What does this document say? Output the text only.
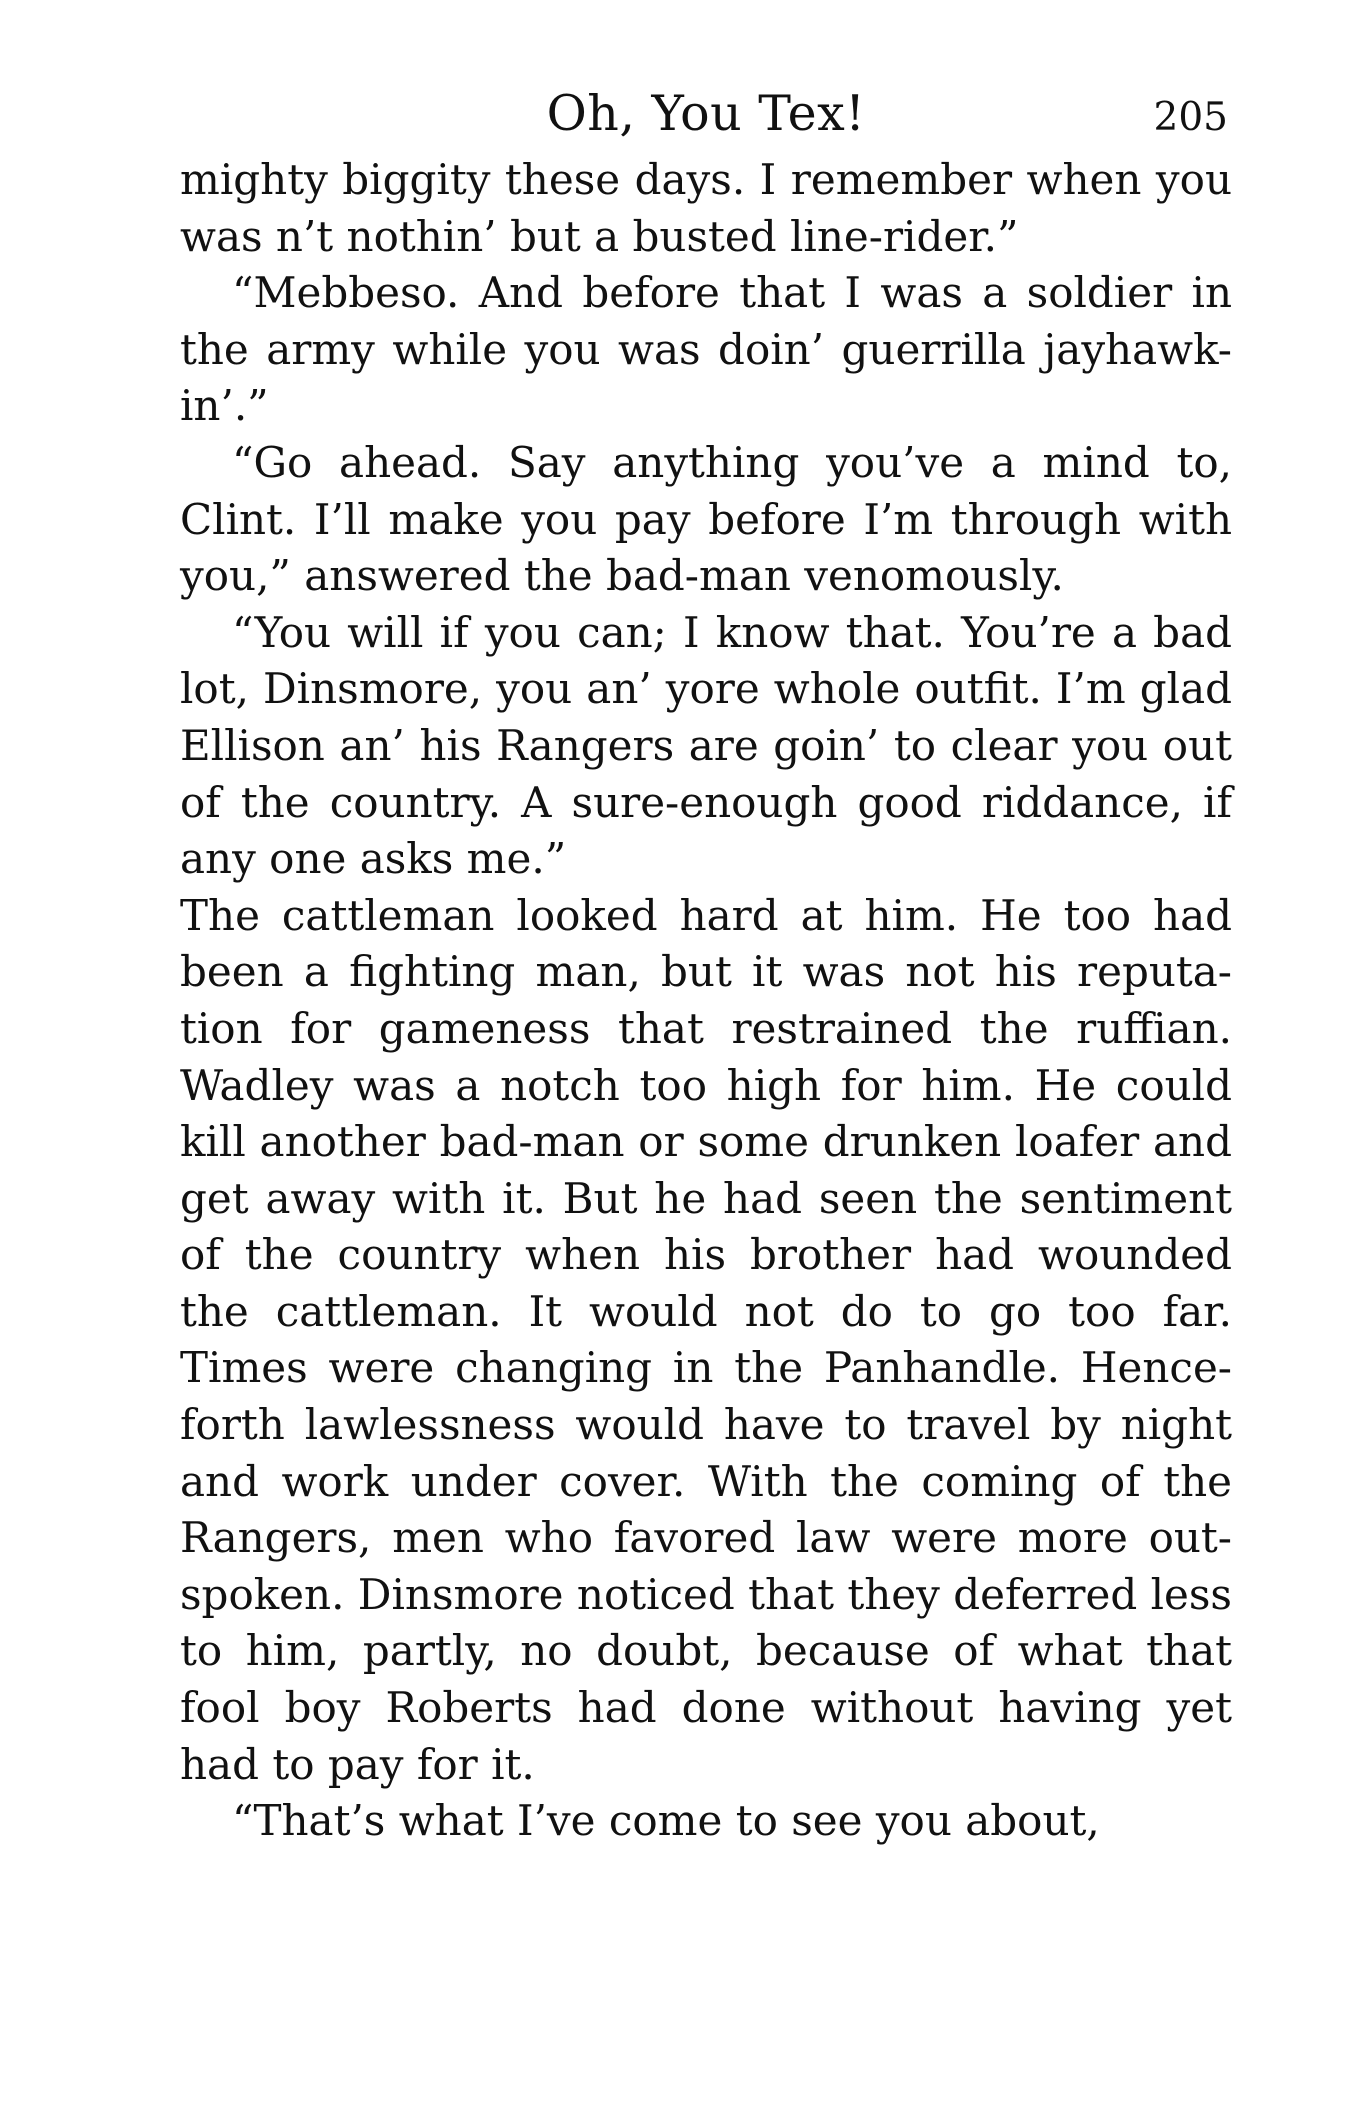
Oh, You Tex!	205

mighty biggity these days. I remember when you was n’t nothin’ but a busted line-rider.”

“Mebbeso. And before that I was a soldier in the army while you was doin’ guerrilla jayhawk-in’.”

“Go ahead. Say anything you’ve a mind to, Clint. I’ll make you pay before I’m through with you,” answered the bad-man venomously.

“You will if you can; I know that. You’re a bad lot, Dinsmore, you an’ yore whole outfit. I’m glad Ellison an’ his Rangers are goin’ to clear you out of the country. A sure-enough good riddance, if any one asks me.”

The cattleman looked hard at him. He too had been a fighting man, but it was not his reputa-tion for gameness that restrained the ruffian. Wadley was a notch too high for him. He could kill another bad-man or some drunken loafer and get away with it. But he had seen the sentiment of the country when his brother had wounded the cattleman. It would not do to go too far. Times were changing in the Panhandle. Hence-forth lawlessness would have to travel by night and work under cover. With the coming of the Rangers, men who favored law were more out-spoken. Dinsmore noticed that they deferred less to him, partly, no doubt, because of what that fool boy Roberts had done without having yet had to pay for it.

“That’s what I’ve come to see you about,
